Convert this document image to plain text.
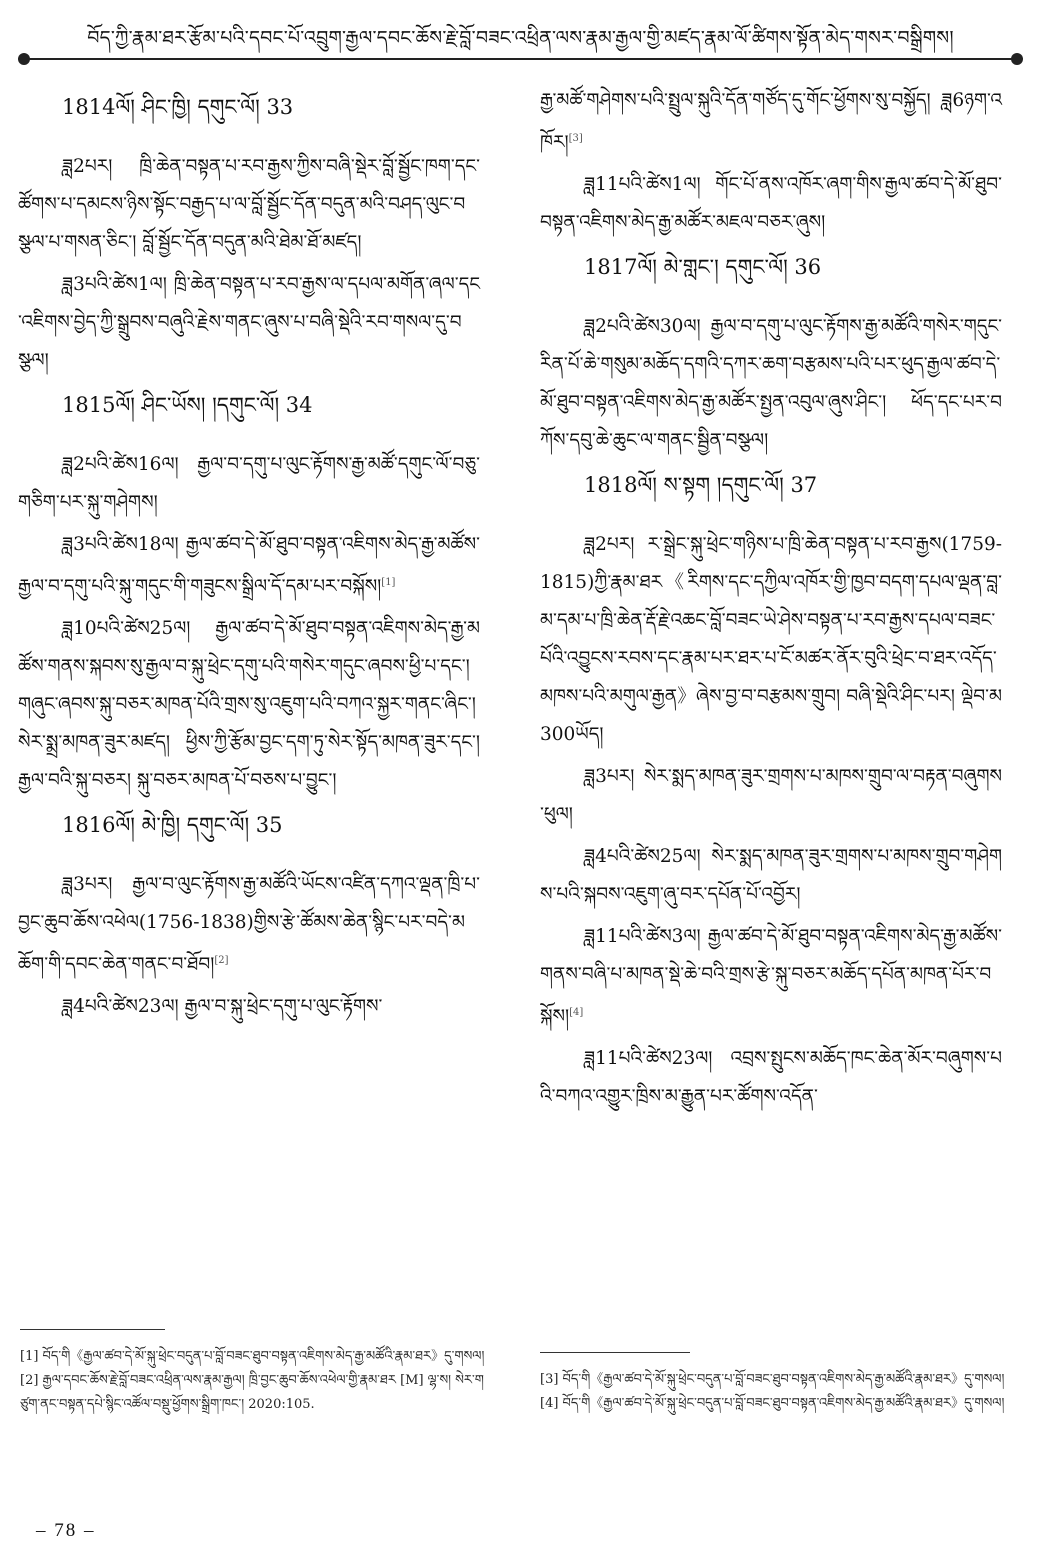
བོད་ཀྱི་རྣམ་ཐར་རྩོམ་པའི་དབང་པོ་འབྲུག་རྒྱལ་དབང་ཆོས་རྗེ་བློ་བཟང་འཕྲིན་ལས་རྣམ་རྒྱལ་གྱི་མཛད་རྣམ་ལོ་ཚིགས་སྟོན་མེད་གསར་བསྒྲིགས།
1814ལོ། ཤིང་ཁྱི། དགུང་ལོ། 33
ཟླ2པར། ཁྲི་ཆེན་བསྟན་པ་རབ་རྒྱས་ཀྱིས་བཞི་སྡེར་བློ་སྦྱོང་ཁག་དང་ཚོགས་པ་དམངས་ཉིས་སྟོང་བརྒྱད་པ་ལ་བློ་སྦྱོང་དོན་བདུན་མའི་བཤད་ལུང་བསྩལ་པ་གསན་ཅིང་། བློ་སྦྱོང་དོན་བདུན་མའི་ཐེམ་ཐོ་མཛད།
ཟླ3པའི་ཚེས1ལ། ཁྲི་ཆེན་བསྟན་པ་རབ་རྒྱས་ལ་དཔལ་མགོན་ཞལ་དང་འཇིགས་བྱེད་ཀྱི་སྒྲུབས་བཞུའི་རྗེས་གནང་ཞུས་པ་བཞི་སྡེའི་རབ་གསལ་དུ་བསྩལ།
1815ལོ། ཤིང་ཡོས། །དགུང་ལོ། 34
ཟླ2པའི་ཚེས16ལ། རྒྱལ་བ་དགུ་པ་ལུང་རྟོགས་རྒྱ་མཚོ་དགུང་ལོ་བཅུ་གཅིག་པར་སྐུ་གཤེགས།
ཟླ3པའི་ཚེས18ལ། རྒྱལ་ཚབ་དེ་མོ་ཐུབ་བསྟན་འཇིགས་མེད་རྒྱ་མཚོས་རྒྱལ་བ་དགུ་པའི་སྐུ་གདུང་གི་གཟུངས་སྒྲིལ་དོ་དམ་པར་བསྐོས།[1]
ཟླ10པའི་ཚེས25ལ། རྒྱལ་ཚབ་དེ་མོ་ཐུབ་བསྟན་འཇིགས་མེད་རྒྱ་མཚོས་གནས་སྐབས་སུ་རྒྱལ་བ་སྐུ་ཕྲེང་དགུ་པའི་གསེར་གདུང་ཞབས་ཕྱི་པ་དང་། གཞུང་ཞབས་སྐུ་བཅར་མཁན་པོའི་གྲས་སུ་འཇུག་པའི་བཀའ་སྐྱར་གནང་ཞིང་། སེར་སྨྲ་མཁན་ཟུར་མཛད། ཕྱིས་ཀྱི་རྩོམ་བྱང་དག་ཏུ་སེར་སྟོད་མཁན་ཟུར་དང་། རྒྱལ་བའི་སྐུ་བཅར། སྐུ་བཅར་མཁན་པོ་བཅས་པ་བྱུང་།
1816ལོ། མེ་ཁྱི། དགུང་ལོ། 35
ཟླ3པར། རྒྱལ་བ་ལུང་རྟོགས་རྒྱ་མཚོའི་ཡོངས་འཛིན་དཀའ་ལྡན་ཁྲི་པ་བྱང་ཆུབ་ཆོས་འཕེལ(1756-1838)གྱིས་རྩེ་ཚོམས་ཆེན་སྙིང་པར་བདེ་མཆོག་གི་དབང་ཆེན་གནང་བ་ཐོབ།[2]
ཟླ4པའི་ཚེས23ལ། རྒྱལ་བ་སྐུ་ཕྲེང་དགུ་པ་ལུང་རྟོགས་
རྒྱ་མཚོ་གཤེགས་པའི་སྤྲུལ་སྐུའི་དོན་གཙོད་དུ་གོང་ཕྱོགས་སུ་བསྐྱོད། ཟླ6ཉག་འཁོར།[3]
ཟླ11པའི་ཚེས1ལ། གོང་པོ་ནས་འཁོར་ཞག་གིས་རྒྱལ་ཚབ་དེ་མོ་ཐུབ་བསྟན་འཇིགས་མེད་རྒྱ་མཚོར་མཇལ་བཅར་ཞུས།
1817ལོ། མེ་གླང་། དགུང་ལོ། 36
ཟླ2པའི་ཚེས30ལ། རྒྱལ་བ་དགུ་པ་ལུང་རྟོགས་རྒྱ་མཚོའི་གསེར་གདུང་རིན་པོ་ཆེ་གསུམ་མཆོད་དགའི་དཀར་ཆག་བརྩམས་པའི་པར་ཕུད་རྒྱལ་ཚབ་དེ་མོ་ཐུབ་བསྟན་འཇིགས་མེད་རྒྱ་མཚོར་སྤྱན་འབུལ་ཞུས་ཤིང་། ཕོད་དང་པར་བཀོས་དབུ་ཆེ་ཆུང་ལ་གནང་སྦྱིན་བསྩལ།
1818ལོ། ས་སྟག །དགུང་ལོ། 37
ཟླ2པར། ར་སྒྲེང་སྐུ་ཕྲེང་གཉིས་པ་ཁྲི་ཆེན་བསྟན་པ་རབ་རྒྱས(1759-1815)ཀྱི་རྣམ་ཐར《རིགས་དང་དཀྱིལ་འཁོར་གྱི་ཁྱབ་བདག་དཔལ་ལྡན་བླ་མ་དམ་པ་ཁྲི་ཆེན་རྡོ་རྗེ་འཆང་བློ་བཟང་ཡེ་ཤེས་བསྟན་པ་རབ་རྒྱས་དཔལ་བཟང་པོའི་འབྱུངས་རབས་དང་རྣམ་པར་ཐར་པ་ངོ་མཚར་ནོར་བུའི་ཕྲེང་བ་ཐར་འདོད་མཁས་པའི་མགུལ་རྒྱན》ཞེས་བྱ་བ་བརྩམས་གྲུབ། བཞི་སྡེའི་ཤིང་པར། ལྡེབ་མ300ཡོད།
ཟླ3པར། སེར་སྨད་མཁན་ཟུར་གྲགས་པ་མཁས་གྲུབ་ལ་བརྟན་བཞུགས་ཕུལ།
ཟླ4པའི་ཚེས25ལ། སེར་སྨད་མཁན་ཟུར་གྲགས་པ་མཁས་གྲུབ་གཤེགས་པའི་སྐབས་འཇུག་ཞུ་བར་དཔོན་པོ་འབྱོར།
ཟླ11པའི་ཚེས3ལ། རྒྱལ་ཚབ་དེ་མོ་ཐུབ་བསྟན་འཇིགས་མེད་རྒྱ་མཚོས་གནས་བཞི་པ་མཁན་སྡེ་ཆེ་བའི་གྲས་རྩེ་སྐུ་བཅར་མཆོད་དཔོན་མཁན་པོར་བསྐོས།[4]
ཟླ11པའི་ཚེས23ལ། འབྲས་སྤུངས་མཆོད་ཁང་ཆེན་མོར་བཞུགས་པའི་བཀའ་འགྱུར་ཁྲིས་མ་རྒྱུན་པར་ཚོགས་འདོན་

[1] བོད་གི《རྒྱལ་ཚབ་དེ་མོ་སྐུ་ཕྲེང་བདུན་པ་བློ་བཟང་ཐུབ་བསྟན་འཇིགས་མེད་རྒྱ་མཚོའི་རྣམ་ཐར》དུ་གསལ།

[2] རྒྱལ་དབང་ཆོས་རྗེ་བློ་བཟང་འཕྲིན་ལས་རྣམ་རྒྱལ། ཁྲི་བྱང་ཆུབ་ཆོས་འཕེལ་གྱི་རྣམ་ཐར [M] ལྷ་ས། སེར་གཙུག་ནང་བསྟན་དཔེ་སྙིང་འཚོལ་བསྡུ་ཕྱོགས་སྒྲིག་ཁང་། 2020:105.

[3] བོད་གི《རྒྱལ་ཚབ་དེ་མོ་སྐུ་ཕྲེང་བདུན་པ་བློ་བཟང་ཐུབ་བསྟན་འཇིགས་མེད་རྒྱ་མཚོའི་རྣམ་ཐར》དུ་གསལ།

[4] བོད་གི《རྒྱལ་ཚབ་དེ་མོ་སྐུ་ཕྲེང་བདུན་པ་བློ་བཟང་ཐུབ་བསྟན་འཇིགས་མེད་རྒྱ་མཚོའི་རྣམ་ཐར》དུ་གསལ།

– 78 –
